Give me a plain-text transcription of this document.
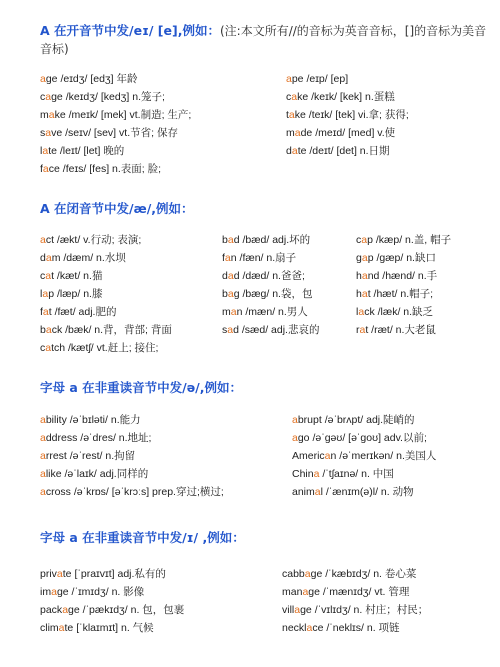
A 在开音节中发/eɪ/ [e],例如：(注:本文所有//的音标为英音音标，[]的音标为美音音标)
age /eɪdʒ/ [edʒ] 年龄
cage /keɪdʒ/ [kedʒ] n.笼子;
make /meɪk/ [mek] vt.制造; 生产;
save /seɪv/ [sev] vt.节省; 保存
late /leɪt/ [let] 晚的
face /feɪs/ [fes] n.表面; 脸;
ape /eɪp/ [ep]
cake /keɪk/ [kek] n.蛋糕
take /teɪk/ [tek] vi.拿; 获得;
made /meɪd/ [med] v.使
date /deɪt/ [det] n.日期
A 在闭音节中发/æ/,例如：
act /ækt/ v.行动; 表演;
dam /dæm/ n.水坝
cat /kæt/ n.猫
lap /læp/ n.膝
fat /fæt/ adj.肥的
back /bæk/ n.背，背部; 背面
catch /kætʃ/ vt.赶上; 接住;
bad /bæd/ adj.坏的
fan /fæn/ n.扇子
dad /dæd/ n.爸爸;
bag /bæg/ n.袋，包
man /mæn/ n.男人
sad /sæd/ adj.悲哀的
cap /kæp/ n.盖, 帽子
gap /gæp/ n.缺口
hand /hænd/ n.手
hat /hæt/ n.帽子;
lack /læk/ n.缺乏
rat /ræt/ n.大老鼠
字母 a 在非重读音节中发/ə/,例如：
ability /əˈbɪləti/ n.能力
address /əˈdres/ n.地址;
arrest /əˈrest/ n.拘留
alike /əˈlaɪk/ adj.同样的
across /əˈkrɒs/ [əˈkrɔːs] prep.穿过;横过;
abrupt /əˈbrʌpt/ adj.陡峭的
ago /əˈgəʊ/ [əˈgoʊ] adv.以前;
American /əˈmerɪkən/ n.美国人
China /ˈtʃaɪnə/ n. 中国
animal /ˈænɪm(ə)l/ n. 动物
字母 a 在非重读音节中发/ɪ/ ,例如：
private [ˈpraɪvɪt] adj.私有的
image /ˈɪmɪdʒ/ n. 影像
package /ˈpækɪdʒ/ n. 包，包裹
climate [ˈklaɪmɪt] n. 气候
cabbage /ˈkæbɪdʒ/ n. 卷心菜
manage /ˈmænɪdʒ/ vt. 管理
village /ˈvɪlɪdʒ/ n. 村庄；村民；
necklace /ˈneklɪs/ n. 项链
